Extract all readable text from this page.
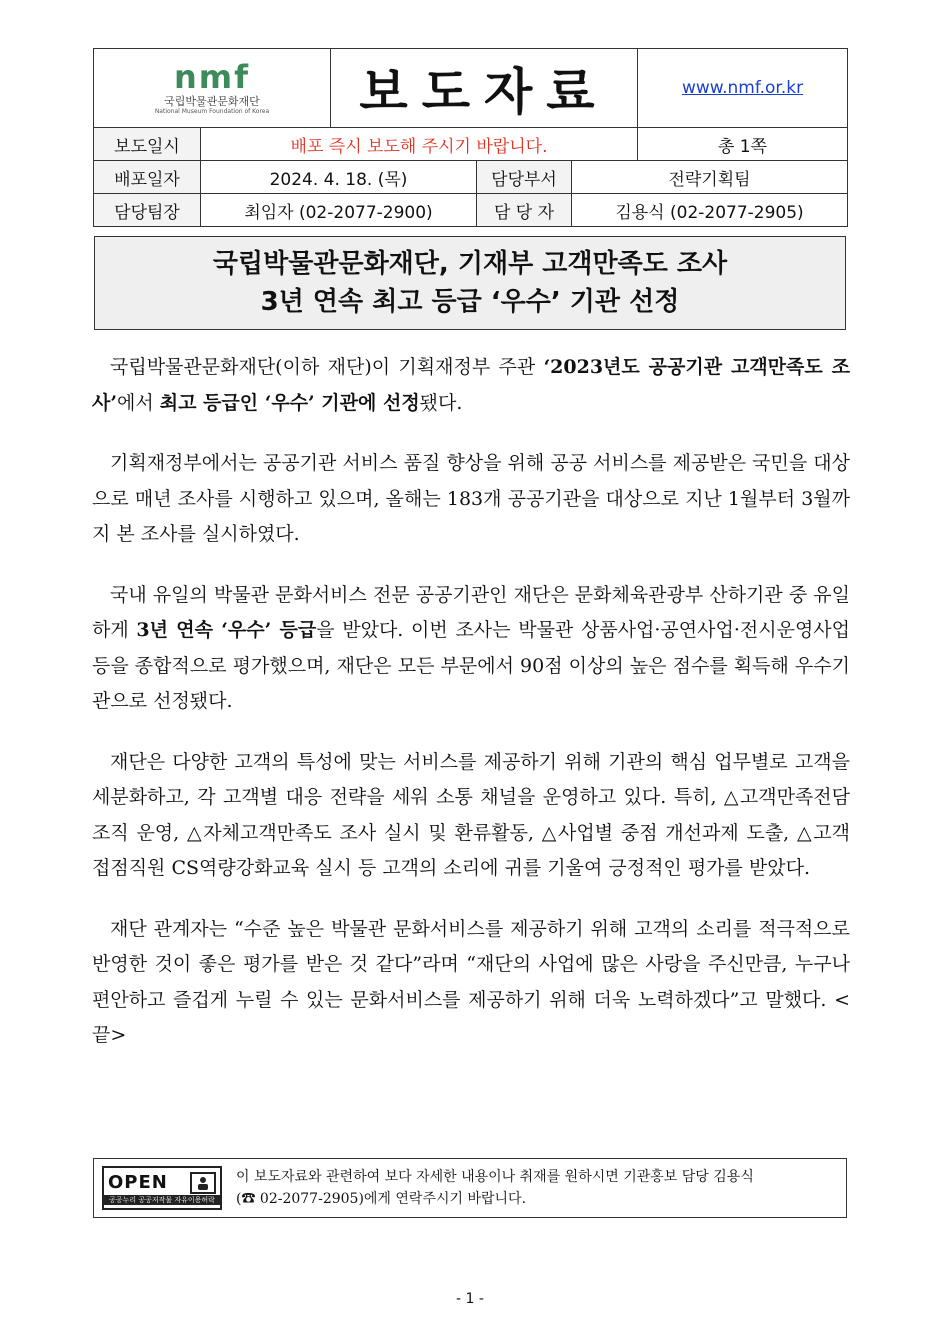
nmf
국립박물관문화재단
National Museum Foundation of Korea		보도자료			www.nmf.or.kr
보도일시	배포 즉시 보도해 주시기 바랍니다.				총 1쪽
배포일자	2024. 4. 18. (목)		담당부서	전략기획팀	
담당팀장	최임자 (02-2077-2900)		담 당 자	김용식 (02-2077-2905)	
국립박물관문화재단, 기재부 고객만족도 조사
3년 연속 최고 등급 ‘우수’ 기관 선정

국립박물관문화재단(이하 재단)이 기획재정부 주관 ‘2023년도 공공기관 고객만족도 조사’에서 최고 등급인 ‘우수’ 기관에 선정됐다.

기획재정부에서는 공공기관 서비스 품질 향상을 위해 공공 서비스를 제공받은 국민을 대상으로 매년 조사를 시행하고 있으며, 올해는 183개 공공기관을 대상으로 지난 1월부터 3월까지 본 조사를 실시하였다.

국내 유일의 박물관 문화서비스 전문 공공기관인 재단은 문화체육관광부 산하기관 중 유일하게 3년 연속 ‘우수’ 등급을 받았다. 이번 조사는 박물관 상품사업·공연사업·전시운영사업 등을 종합적으로 평가했으며, 재단은 모든 부문에서 90점 이상의 높은 점수를 획득해 우수기관으로 선정됐다.

재단은 다양한 고객의 특성에 맞는 서비스를 제공하기 위해 기관의 핵심 업무별로 고객을 세분화하고, 각 고객별 대응 전략을 세워 소통 채널을 운영하고 있다. 특히, △고객만족전담조직 운영, △자체고객만족도 조사 실시 및 환류활동, △사업별 중점 개선과제 도출, △고객 접점직원 CS역량강화교육 실시 등 고객의 소리에 귀를 기울여 긍정적인 평가를 받았다.

재단 관계자는 “수준 높은 박물관 문화서비스를 제공하기 위해 고객의 소리를 적극적으로 반영한 것이 좋은 평가를 받은 것 같다”라며 “재단의 사업에 많은 사랑을 주신만큼, 누구나 편안하고 즐겁게 누릴 수 있는 문화서비스를 제공하기 위해 더욱 노력하겠다”고 말했다. <끝>

OPEN
공공누리 공공저작물 자유이용허락
이 보도자료와 관련하여 보다 자세한 내용이나 취재를 원하시면 기관홍보 담당 김용식
(☎ 02-2077-2905)에게 연락주시기 바랍니다.
- 1 -
